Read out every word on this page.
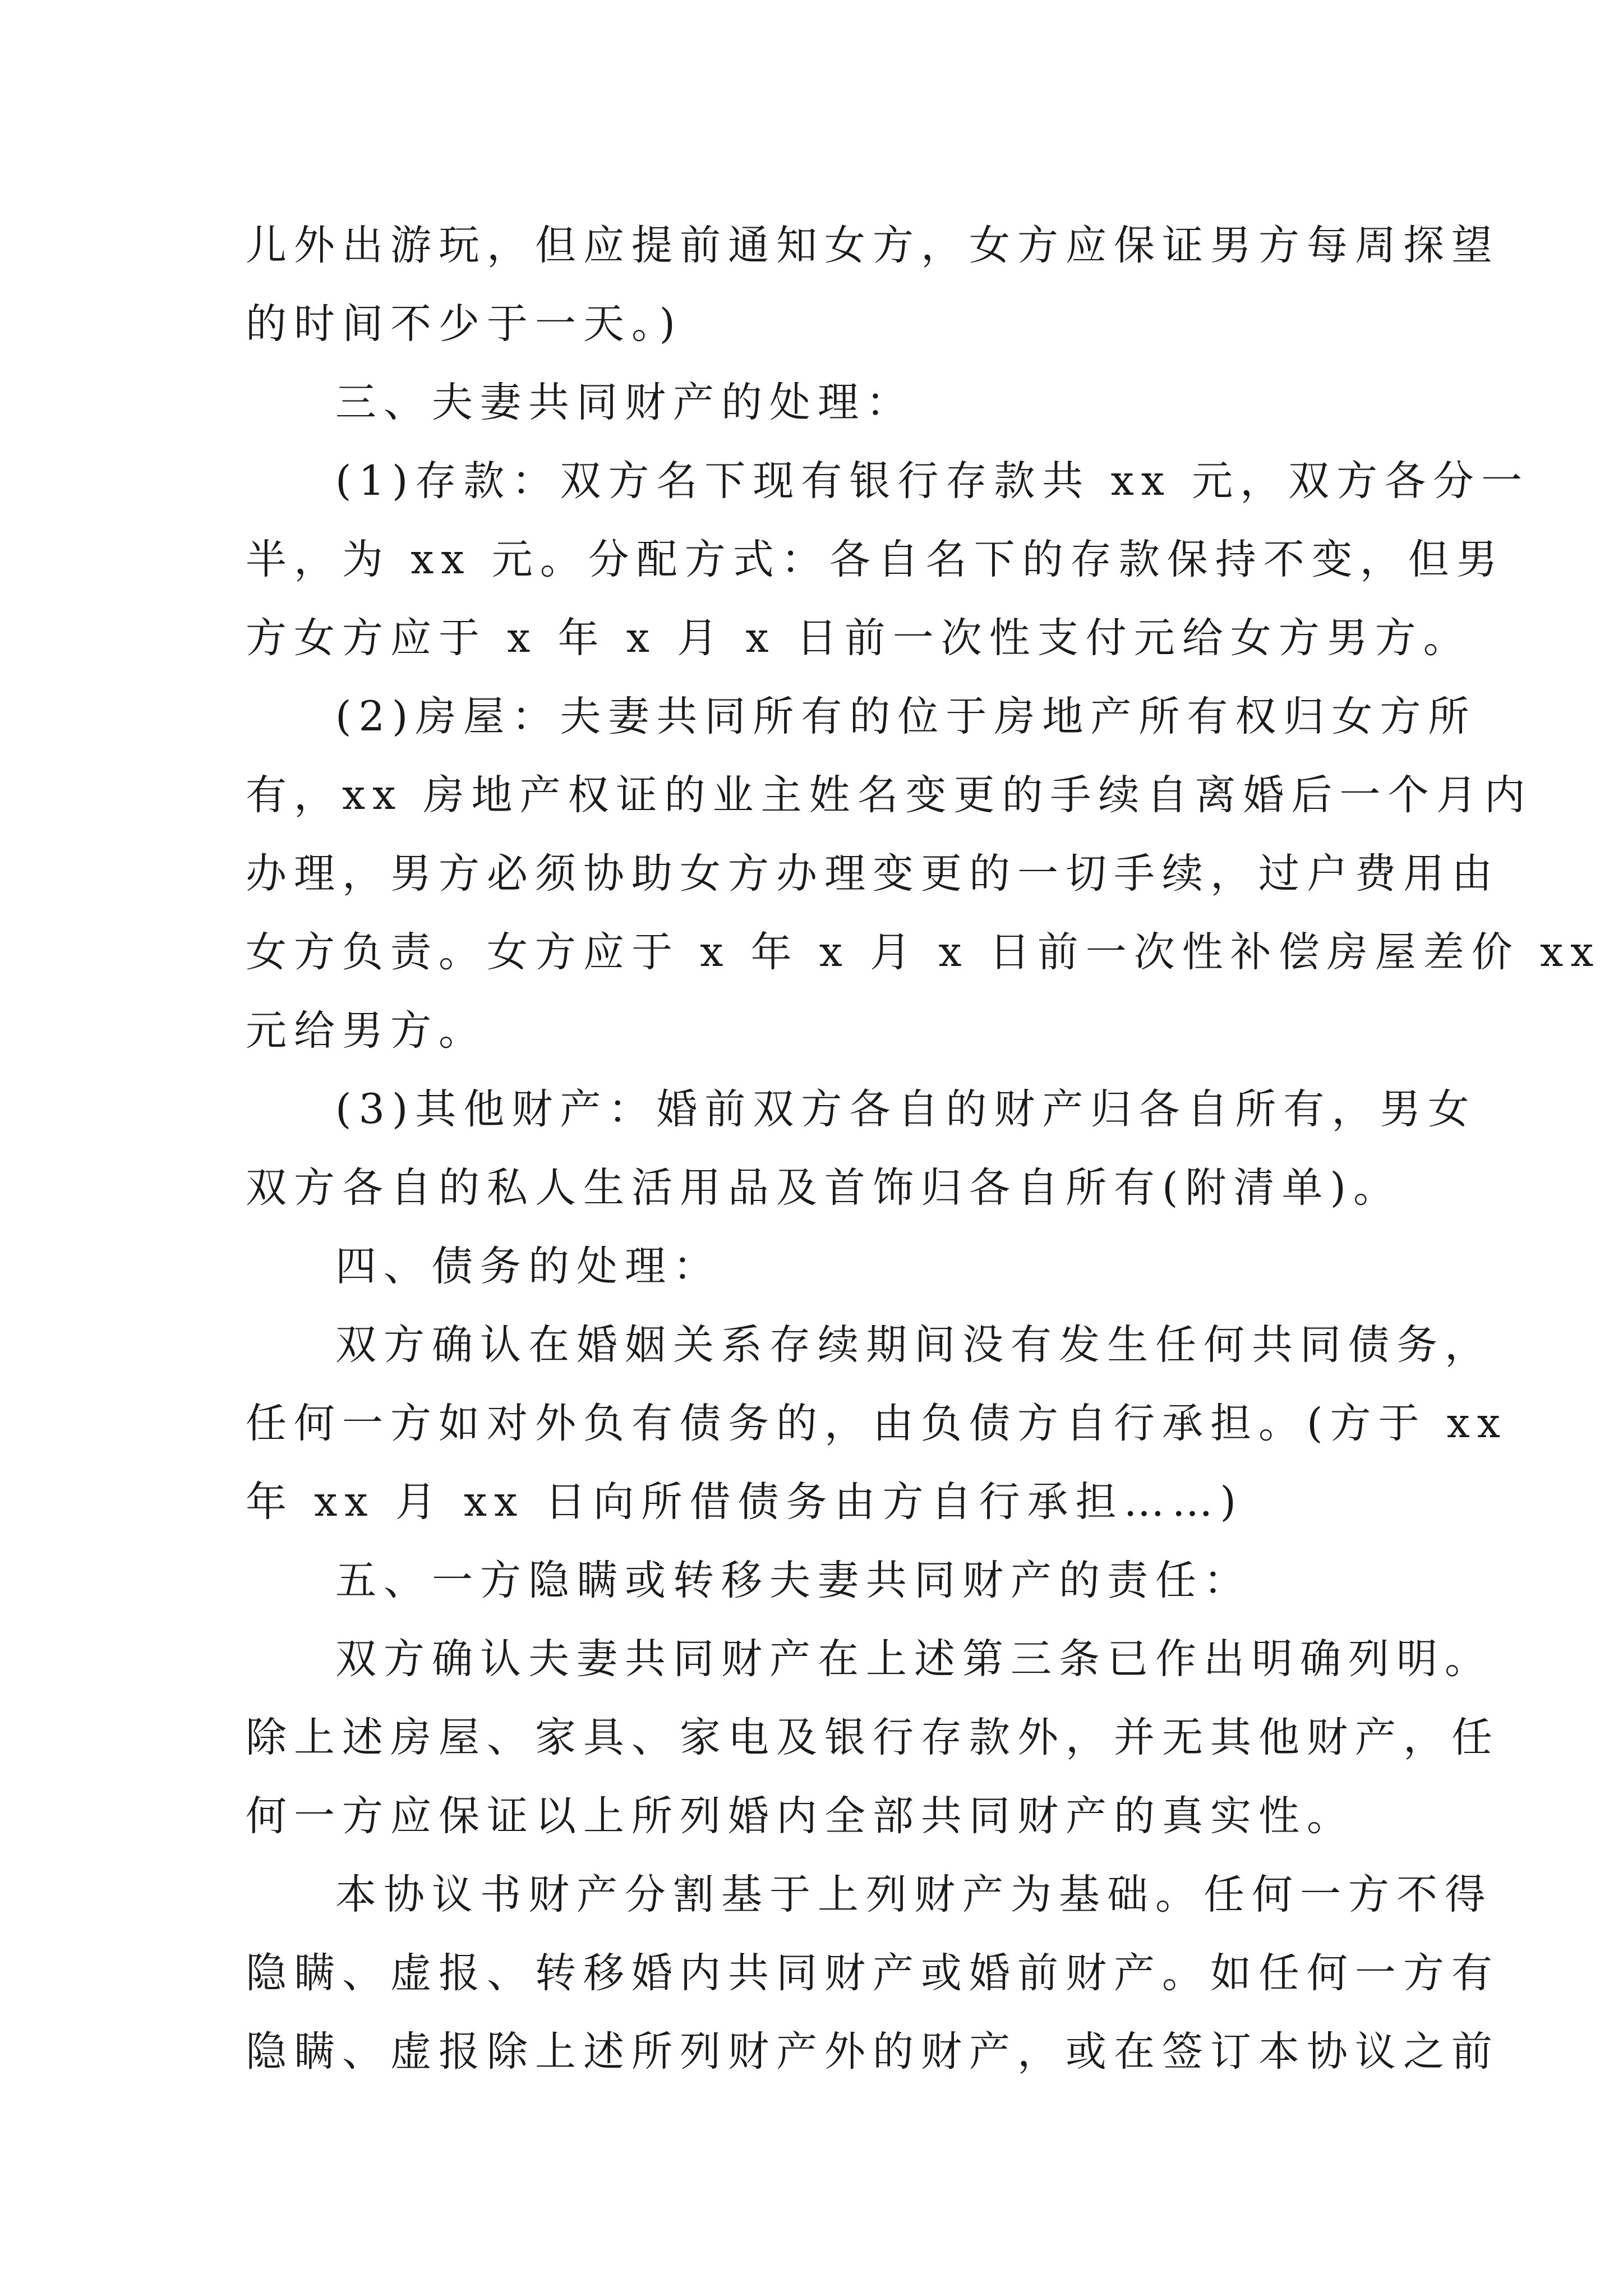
儿外出游玩，但应提前通知女方，女方应保证男方每周探望

的时间不少于一天。)

三、夫妻共同财产的处理：

(1)存款：双方名下现有银行存款共 xx 元，双方各分一

半，为 xx 元。分配方式：各自名下的存款保持不变，但男

方女方应于 x 年 x 月 x 日前一次性支付元给女方男方。

(2)房屋：夫妻共同所有的位于房地产所有权归女方所

有，xx 房地产权证的业主姓名变更的手续自离婚后一个月内

办理，男方必须协助女方办理变更的一切手续，过户费用由

女方负责。女方应于 x 年 x 月 x 日前一次性补偿房屋差价 xx

元给男方。

(3)其他财产：婚前双方各自的财产归各自所有，男女

双方各自的私人生活用品及首饰归各自所有(附清单)。

四、债务的处理：

双方确认在婚姻关系存续期间没有发生任何共同债务，

任何一方如对外负有债务的，由负债方自行承担。(方于 xx

年 xx 月 xx 日向所借债务由方自行承担……)

五、一方隐瞒或转移夫妻共同财产的责任：

双方确认夫妻共同财产在上述第三条已作出明确列明。

除上述房屋、家具、家电及银行存款外，并无其他财产，任

何一方应保证以上所列婚内全部共同财产的真实性。

本协议书财产分割基于上列财产为基础。任何一方不得

隐瞒、虚报、转移婚内共同财产或婚前财产。如任何一方有

隐瞒、虚报除上述所列财产外的财产，或在签订本协议之前
